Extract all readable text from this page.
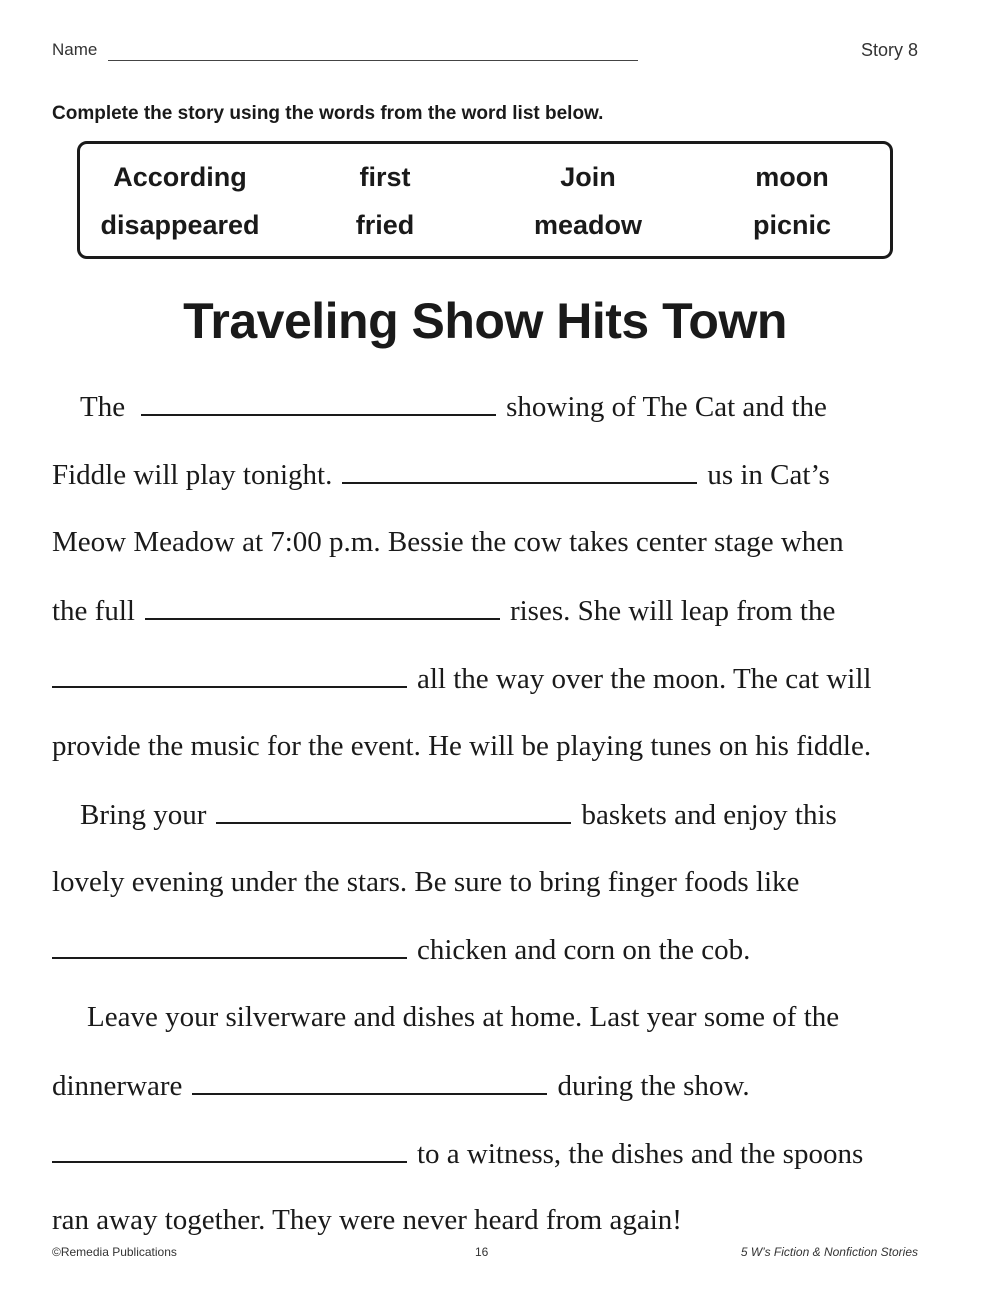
Name	Story 8
Complete the story using the words from the word list below.
According	first	Join	moon
disappeared	fried	meadow	picnic
Traveling Show Hits Town
The	showing of The Cat and the
Fiddle will play tonight.	us in Cat’s
Meow Meadow at 7:00 p.m. Bessie the cow takes center stage when
the full	rises. She will leap from the
all the way over the moon. The cat will
provide the music for the event. He will be playing tunes on his fiddle.
Bring your	baskets and enjoy this
lovely evening under the stars. Be sure to bring finger foods like
chicken and corn on the cob.
Leave your silverware and dishes at home. Last year some of the
dinnerware	during the show.
to a witness, the dishes and the spoons
ran away together. They were never heard from again!
©Remedia Publications	16	5 W’s Fiction & Nonfiction Stories
